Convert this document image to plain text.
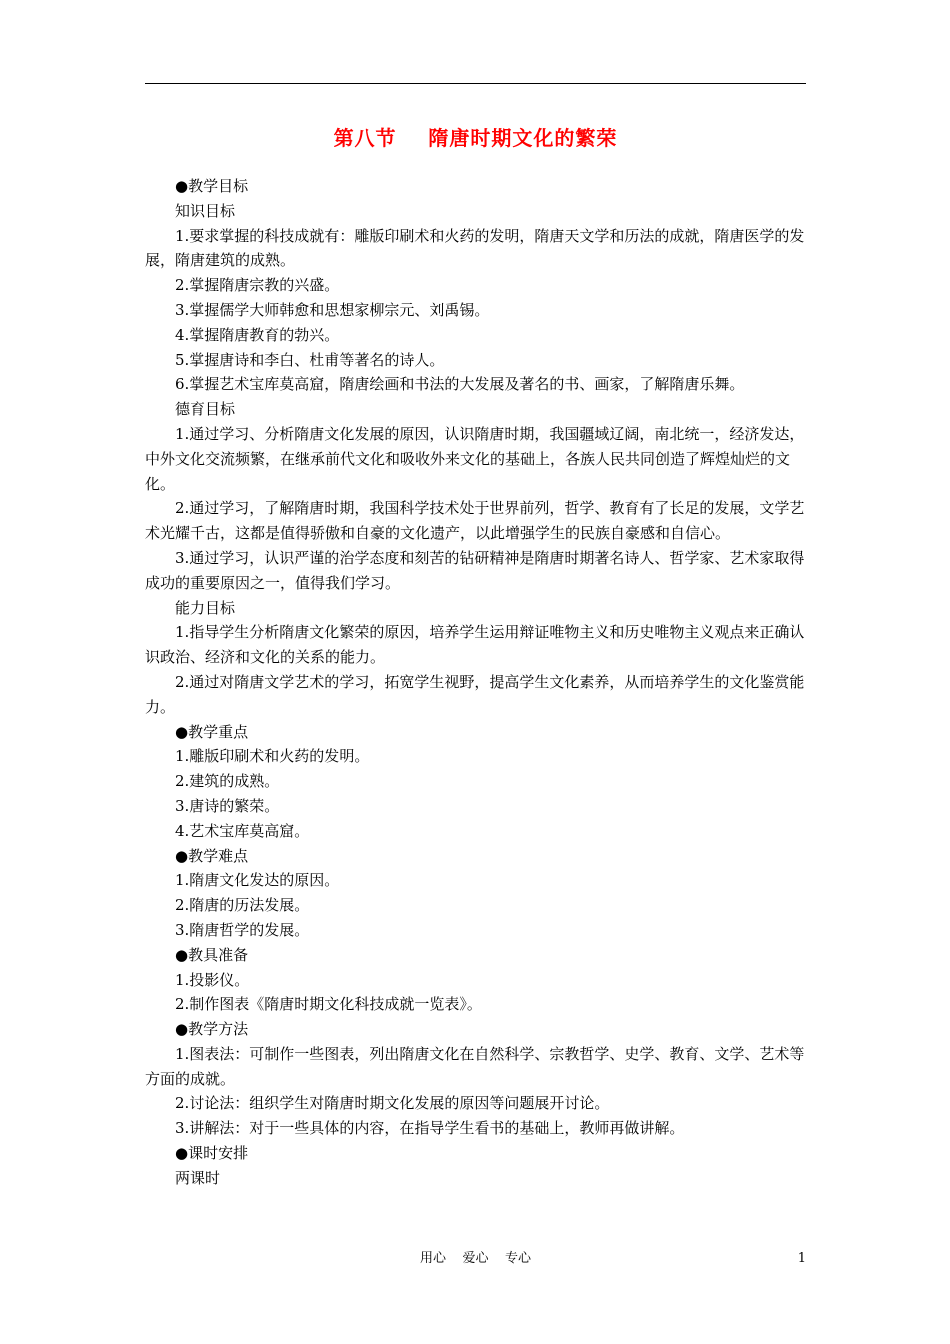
第八节    隋唐时期文化的繁荣

●教学目标

知识目标

1.要求掌握的科技成就有：雕版印刷术和火药的发明，隋唐天文学和历法的成就，隋唐医学的发展，隋唐建筑的成熟。

2.掌握隋唐宗教的兴盛。

3.掌握儒学大师韩愈和思想家柳宗元、刘禹锡。

4.掌握隋唐教育的勃兴。

5.掌握唐诗和李白、杜甫等著名的诗人。

6.掌握艺术宝库莫高窟，隋唐绘画和书法的大发展及著名的书、画家，了解隋唐乐舞。

德育目标

1.通过学习、分析隋唐文化发展的原因，认识隋唐时期，我国疆域辽阔，南北统一，经济发达，中外文化交流频繁，在继承前代文化和吸收外来文化的基础上，各族人民共同创造了辉煌灿烂的文化。

2.通过学习，了解隋唐时期，我国科学技术处于世界前列，哲学、教育有了长足的发展，文学艺术光耀千古，这都是值得骄傲和自豪的文化遗产，以此增强学生的民族自豪感和自信心。

3.通过学习，认识严谨的治学态度和刻苦的钻研精神是隋唐时期著名诗人、哲学家、艺术家取得成功的重要原因之一，值得我们学习。

能力目标

1.指导学生分析隋唐文化繁荣的原因，培养学生运用辩证唯物主义和历史唯物主义观点来正确认识政治、经济和文化的关系的能力。

2.通过对隋唐文学艺术的学习，拓宽学生视野，提高学生文化素养，从而培养学生的文化鉴赏能力。

●教学重点

1.雕版印刷术和火药的发明。

2.建筑的成熟。

3.唐诗的繁荣。

4.艺术宝库莫高窟。

●教学难点

1.隋唐文化发达的原因。

2.隋唐的历法发展。

3.隋唐哲学的发展。

●教具准备

1.投影仪。

2.制作图表《隋唐时期文化科技成就一览表》。

●教学方法

1.图表法：可制作一些图表，列出隋唐文化在自然科学、宗教哲学、史学、教育、文学、艺术等方面的成就。

2.讨论法：组织学生对隋唐时期文化发展的原因等问题展开讨论。

3.讲解法：对于一些具体的内容，在指导学生看书的基础上，教师再做讲解。

●课时安排

两课时

用心    爱心    专心	1
